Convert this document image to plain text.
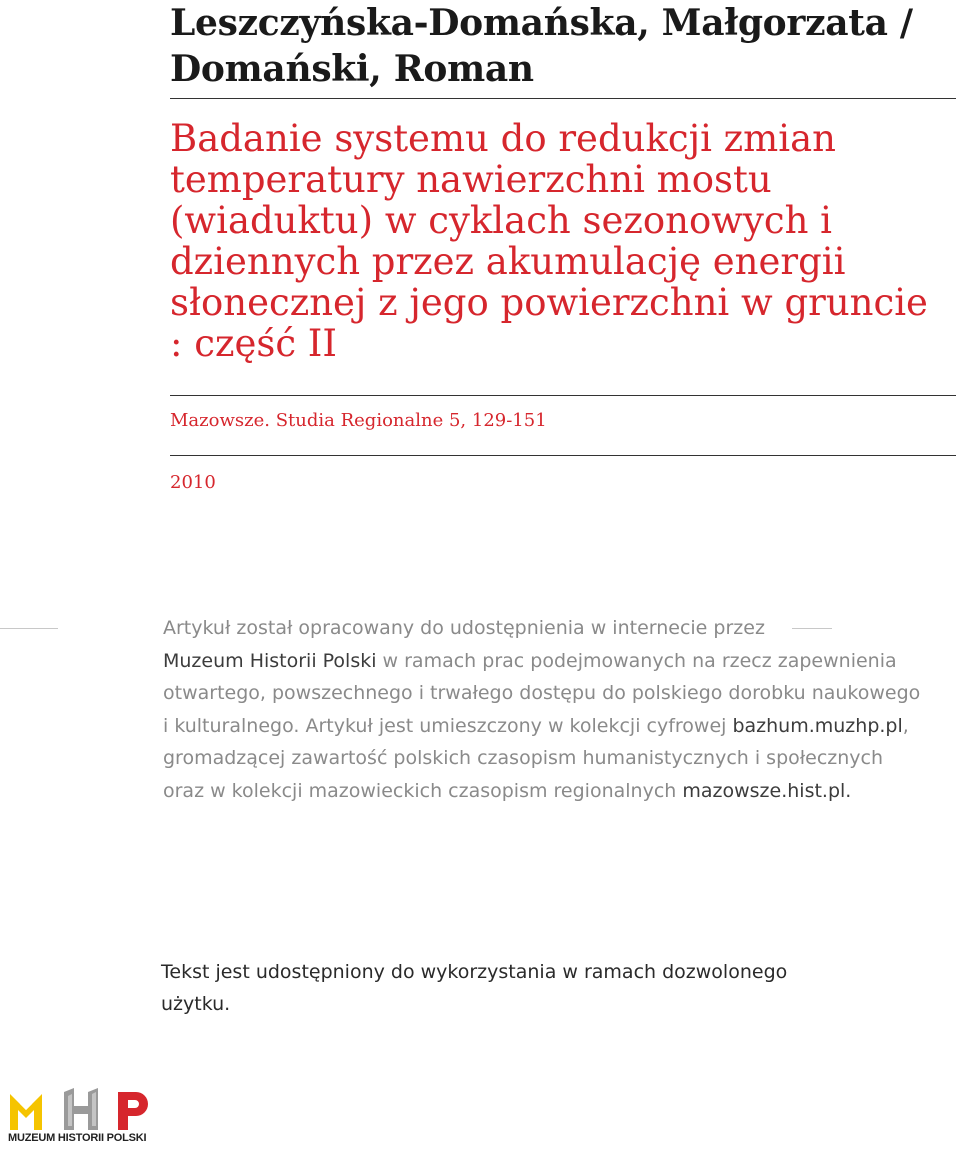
Leszczyńska-Domańska, Małgorzata /
Domański, Roman
Badanie systemu do redukcji zmian temperatury nawierzchni mostu (wiaduktu) w cyklach sezonowych i dziennych przez akumulację energii słonecznej z jego powierzchni w gruncie : część II
Mazowsze. Studia Regionalne 5, 129-151
2010
Artykuł został opracowany do udostępnienia w internecie przez
Muzeum Historii Polski w ramach prac podejmowanych na rzecz zapewnienia otwartego, powszechnego i trwałego dostępu do polskiego dorobku naukowego i kulturalnego. Artykuł jest umieszczony w kolekcji cyfrowej bazhum.muzhp.pl, gromadzącej zawartość polskich czasopism humanistycznych i społecznych oraz w kolekcji mazowieckich czasopism regionalnych mazowsze.hist.pl.
Tekst jest udostępniony do wykorzystania w ramach dozwolonego użytku.
MUZEUM HISTORII POLSKI
